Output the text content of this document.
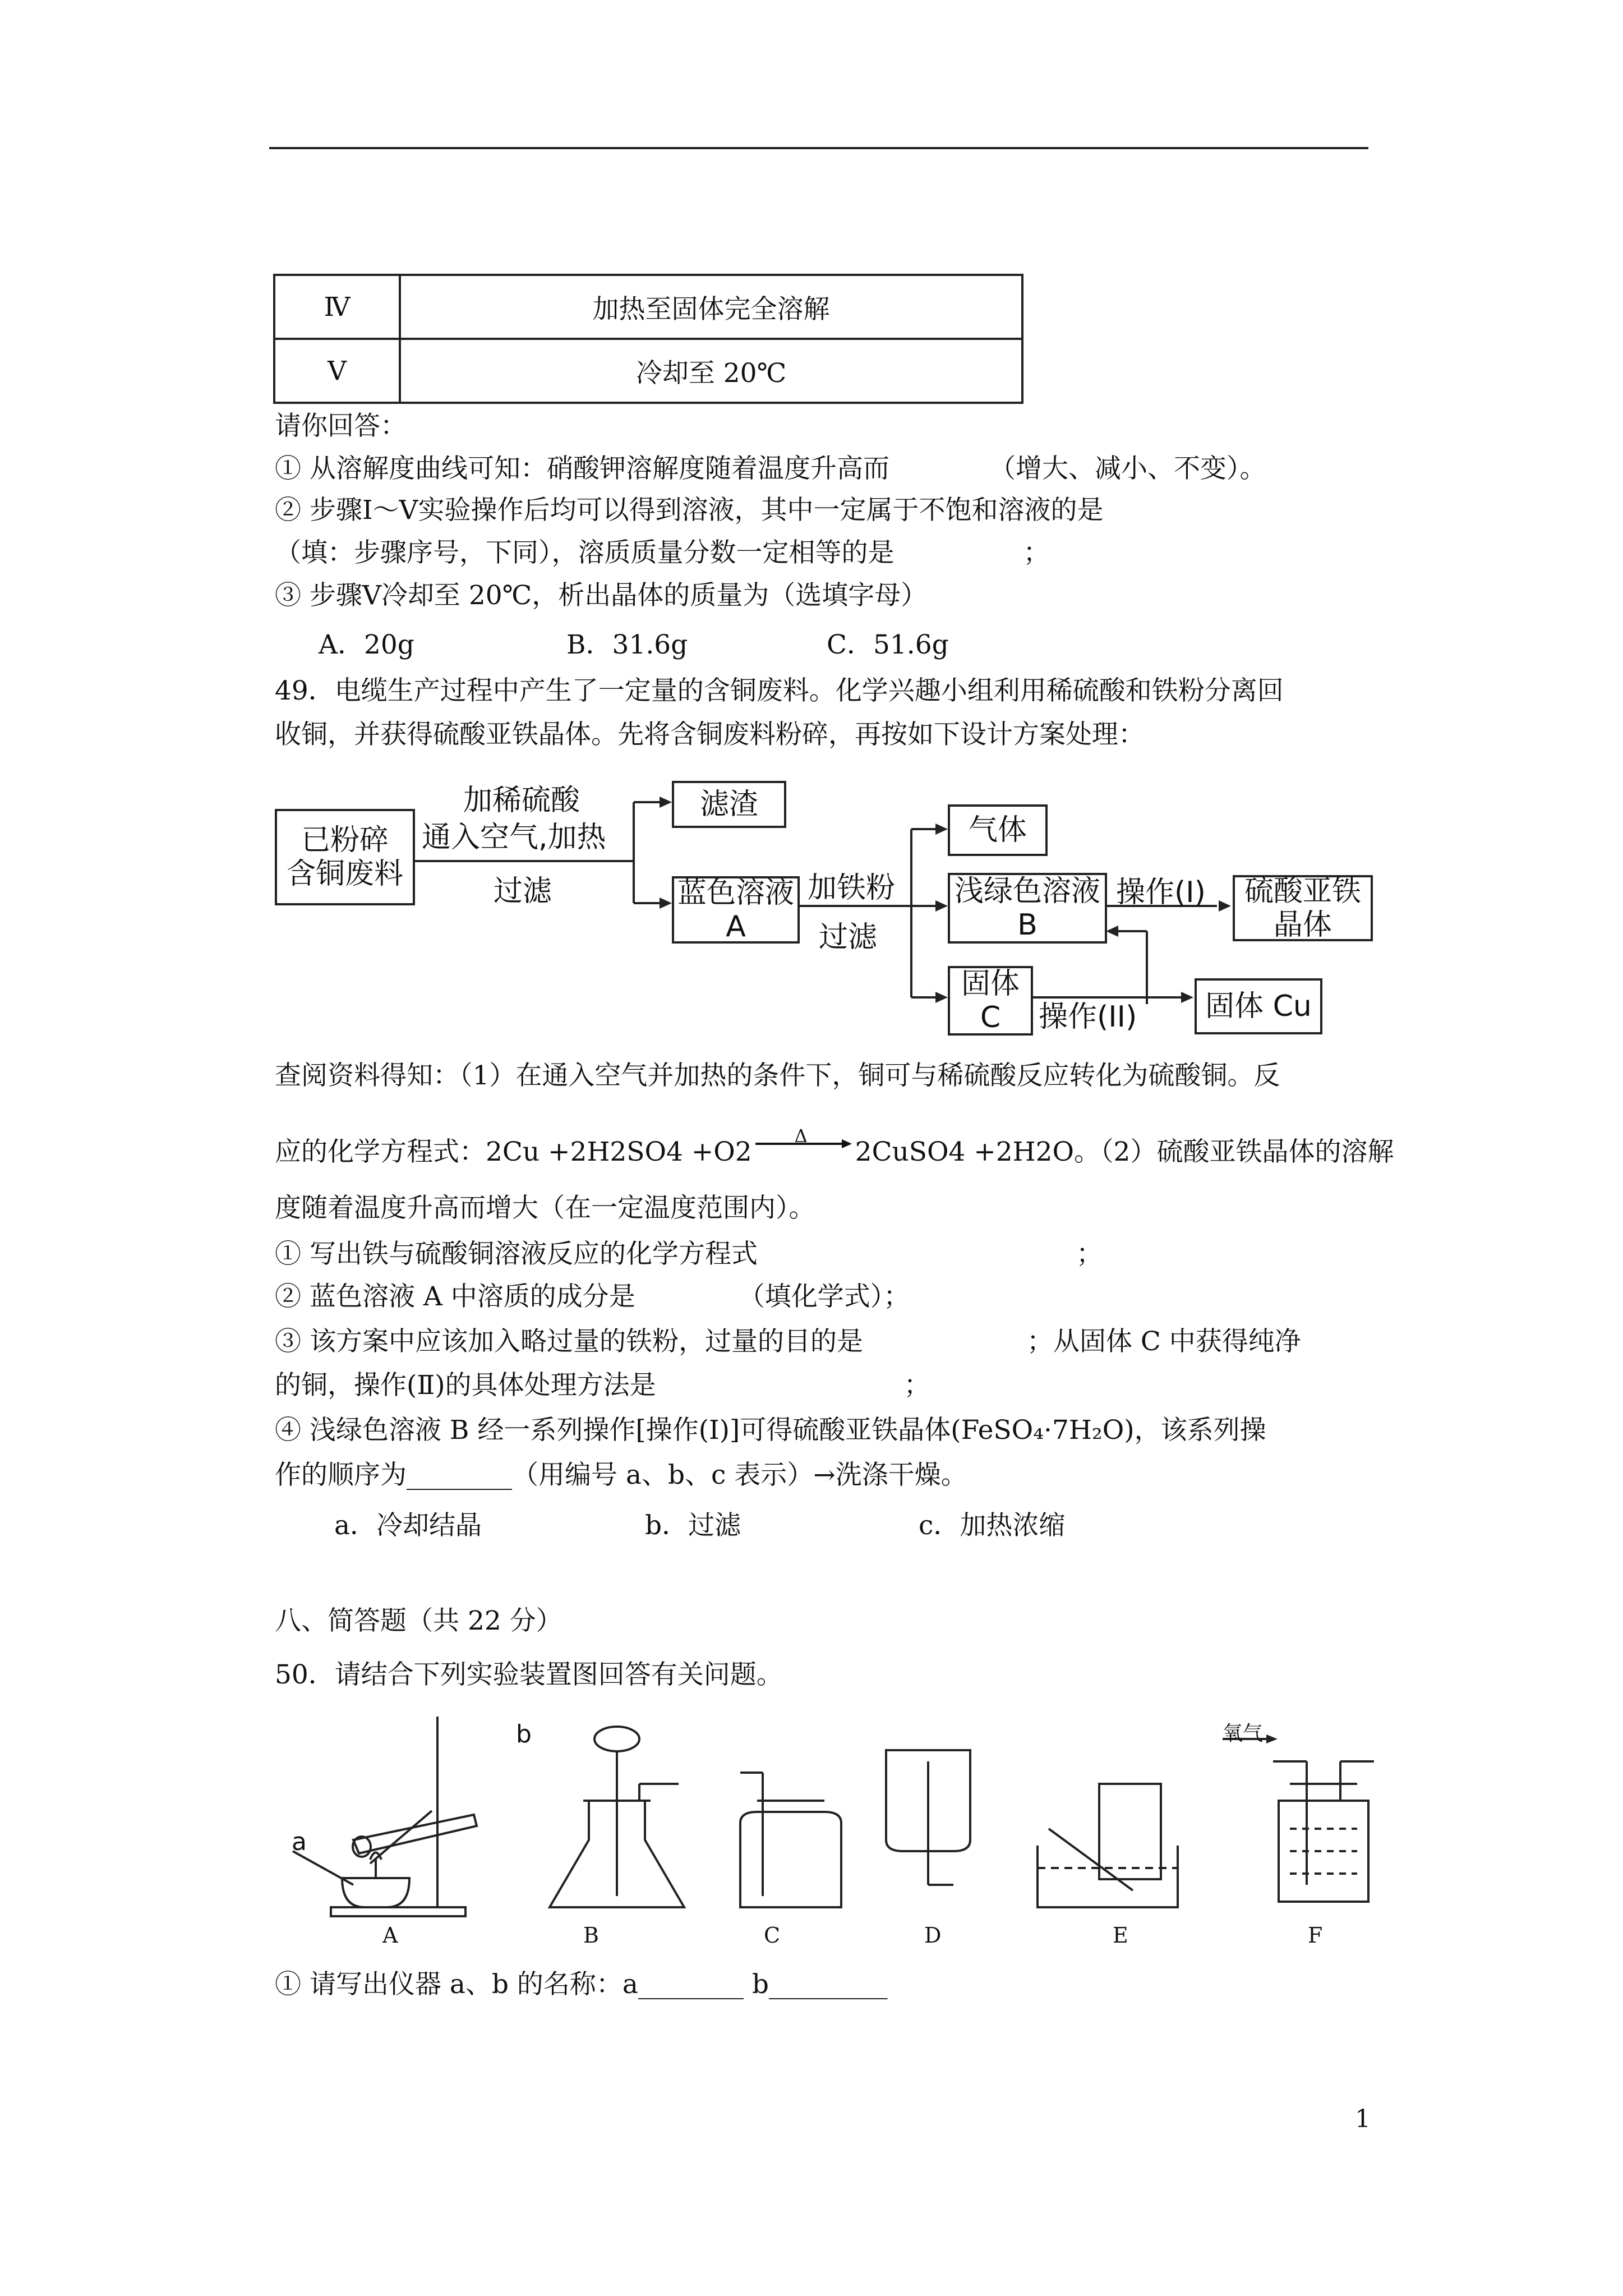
Ⅳ	加热至固体完全溶解
Ⅴ	冷却至 20℃
请你回答：
① 从溶解度曲线可知：硝酸钾溶解度随着温度升高而	（增大、减小、不变）。
② 步骤Ⅰ～Ⅴ实验操作后均可以得到溶液，其中一定属于不饱和溶液的是
（填：步骤序号，下同），溶质质量分数一定相等的是	；
③ 步骤Ⅴ冷却至 20℃，析出晶体的质量为（选填字母）
A．20g	B．31.6g	C．51.6g
49．电缆生产过程中产生了一定量的含铜废料。化学兴趣小组利用稀硫酸和铁粉分离回
收铜，并获得硫酸亚铁晶体。先将含铜废料粉碎，再按如下设计方案处理：
已粉碎
含铜废料
加稀硫酸
通入空气,加热
过滤
滤渣
蓝色溶液
A
加铁粉
过滤
气体
浅绿色溶液
B
操作(I)	硫酸亚铁
晶体
固体
C	操作(II) 固体 Cu
查阅资料得知：（1）在通入空气并加热的条件下，铜可与稀硫酸反应转化为硫酸铜。反
应的化学方程式：2Cu +2H2SO4 +O2
Δ
2CuSO4 +2H2O。（2）硫酸亚铁晶体的溶解
度随着温度升高而增大（在一定温度范围内）。
① 写出铁与硫酸铜溶液反应的化学方程式	；
② 蓝色溶液 A 中溶质的成分是	（填化学式）；
③ 该方案中应该加入略过量的铁粉，过量的目的是	；从固体 C 中获得纯净
的铜，操作(Ⅱ)的具体处理方法是	；
④ 浅绿色溶液 B 经一系列操作[操作(Ⅰ)]可得硫酸亚铁晶体(FeSO₄·7H₂O)，该系列操
作的顺序为________（用编号 a、b、c 表示）→洗涤干燥。
a．冷却结晶	b．过滤	c．加热浓缩
八、简答题（共 22 分）
50．请结合下列实验装置图回答有关问题。
a
b	氧气
A	B	C	D	E	F
① 请写出仪器 a、b 的名称：a________ b_________
1
